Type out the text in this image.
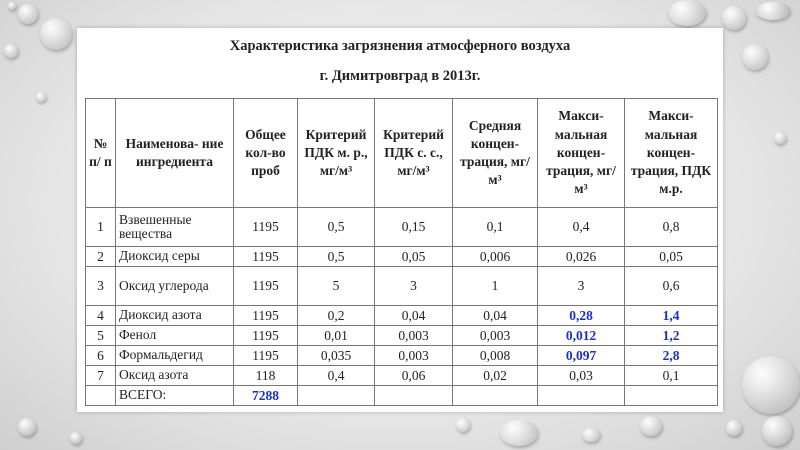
Характеристика загрязнения атмосферного воздуха
г. Димитровград в 2013г.
№ п/ п	Наименова- ние ингредиента	Общее кол-во проб	Критерий ПДК м. р., мг/м³	Критерий ПДК с. с., мг/м³	Средняя концен- трация, мг/м³	Макси- мальная концен- трация, мг/м³	Макси- мальная концен- трация, ПДК м.р.
1	Взвешенные вещества	1195	0,5	0,15	0,1	0,4	0,8
2	Диоксид серы	1195	0,5	0,05	0,006	0,026	0,05
3	Оксид углерода	1195	5	3	1	3	0,6
4	Диоксид азота	1195	0,2	0,04	0,04	0,28	1,4
5	Фенол	1195	0,01	0,003	0,003	0,012	1,2
6	Формальдегид	1195	0,035	0,003	0,008	0,097	2,8
7	Оксид азота	118	0,4	0,06	0,02	0,03	0,1
	ВСЕГО:	7288					
